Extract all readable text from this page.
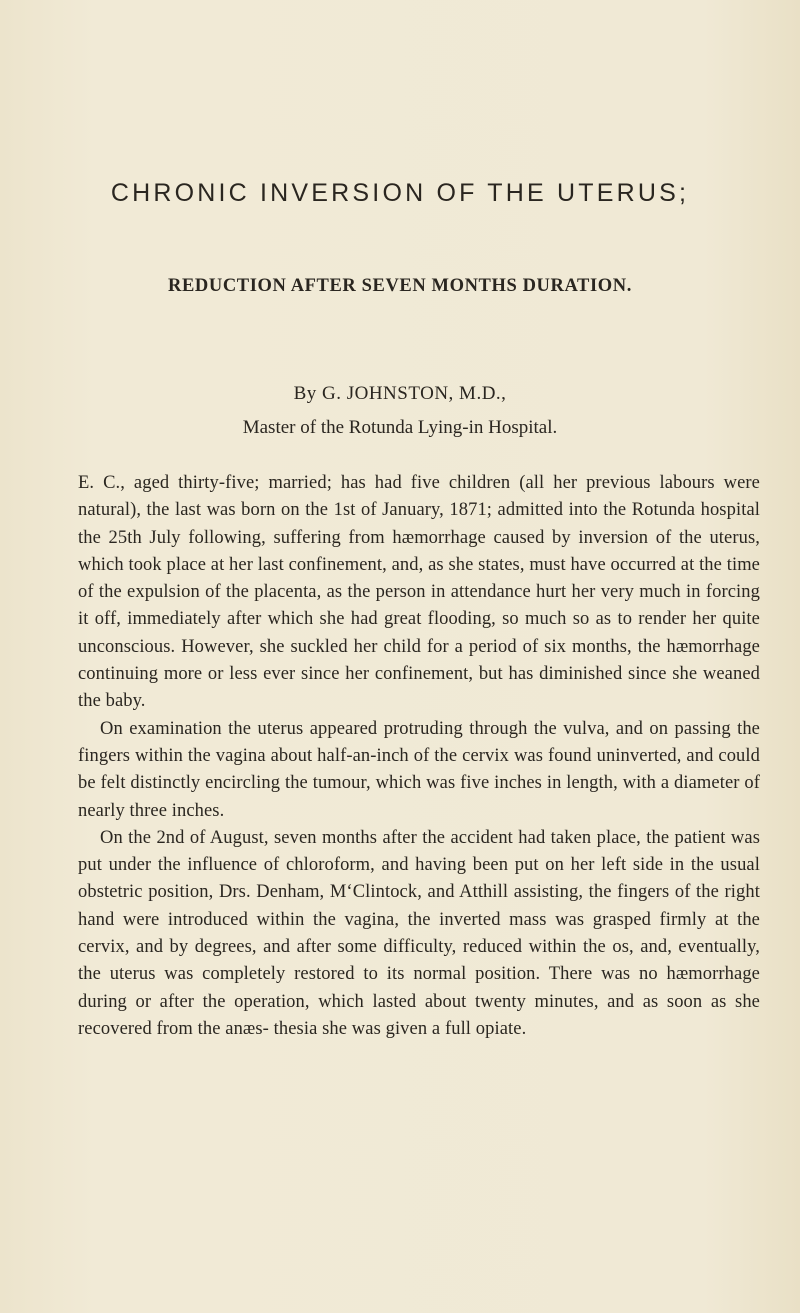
CHRONIC INVERSION OF THE UTERUS;
REDUCTION AFTER SEVEN MONTHS DURATION.
By G. JOHNSTON, M.D.,
Master of the Rotunda Lying-in Hospital.

E. C., aged thirty-five; married; has had five children (all her previous labours were natural), the last was born on the 1st of January, 1871; admitted into the Rotunda hospital the 25th July following, suffering from hæmorrhage caused by inversion of the uterus, which took place at her last confinement, and, as she states, must have occurred at the time of the expulsion of the placenta, as the person in attendance hurt her very much in forcing it off, immediately after which she had great flooding, so much so as to render her quite unconscious. However, she suckled her child for a period of six months, the hæmorrhage continuing more or less ever since her confinement, but has diminished since she weaned the baby.

On examination the uterus appeared protruding through the vulva, and on passing the fingers within the vagina about half-an-inch of the cervix was found uninverted, and could be felt distinctly encircling the tumour, which was five inches in length, with a diameter of nearly three inches.

On the 2nd of August, seven months after the accident had taken place, the patient was put under the influence of chloroform, and having been put on her left side in the usual obstetric position, Drs. Denham, M‘Clintock, and Atthill assisting, the fingers of the right hand were introduced within the vagina, the inverted mass was grasped firmly at the cervix, and by degrees, and after some difficulty, reduced within the os, and, eventually, the uterus was completely restored to its normal position. There was no hæmorrhage during or after the operation, which lasted about twenty minutes, and as soon as she recovered from the anæs- thesia she was given a full opiate.
